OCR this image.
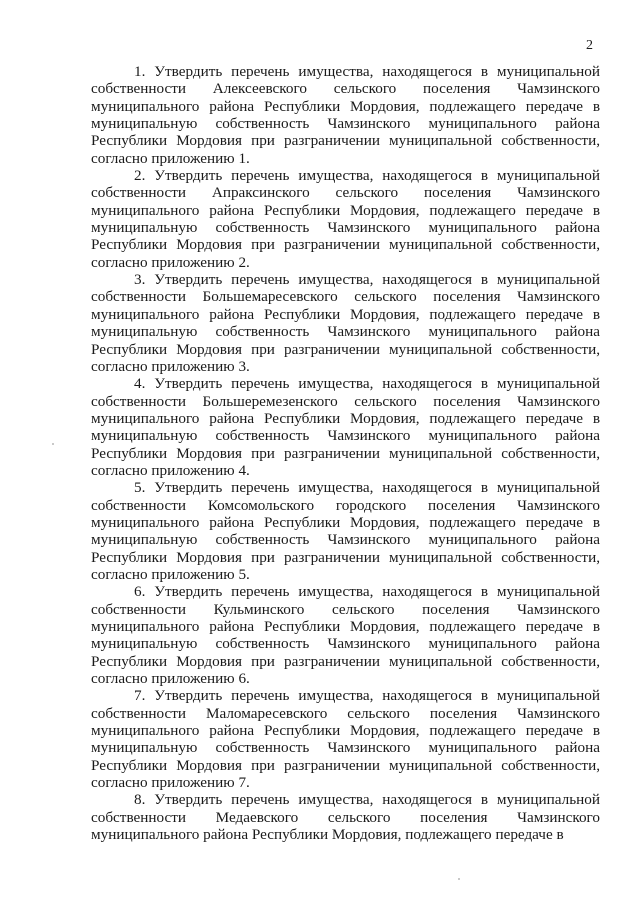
2

1. Утвердить перечень имущества, находящегося в муниципальной собственности Алексеевского сельского поселения Чамзинского муниципального района Республики Мордовия, подлежащего передаче в муниципальную собственность Чамзинского муниципального района Республики Мордовия при разграничении муниципальной собственности, согласно приложению 1.

2. Утвердить перечень имущества, находящегося в муниципальной собственности Апраксинского сельского поселения Чамзинского муниципального района Республики Мордовия, подлежащего передаче в муниципальную собственность Чамзинского муниципального района Республики Мордовия при разграничении муниципальной собственности, согласно приложению 2.

3. Утвердить перечень имущества, находящегося в муниципальной собственности Большемаресевского сельского поселения Чамзинского муниципального района Республики Мордовия, подлежащего передаче в муниципальную собственность Чамзинского муниципального района Республики Мордовия при разграничении муниципальной собственности, согласно приложению 3.

4. Утвердить перечень имущества, находящегося в муниципальной собственности Большеремезенского сельского поселения Чамзинского муниципального района Республики Мордовия, подлежащего передаче в муниципальную собственность Чамзинского муниципального района Республики Мордовия при разграничении муниципальной собственности, согласно приложению 4.

5. Утвердить перечень имущества, находящегося в муниципальной собственности Комсомольского городского поселения Чамзинского муниципального района Республики Мордовия, подлежащего передаче в муниципальную собственность Чамзинского муниципального района Республики Мордовия при разграничении муниципальной собственности, согласно приложению 5.

6. Утвердить перечень имущества, находящегося в муниципальной собственности Кульминского сельского поселения Чамзинского муниципального района Республики Мордовия, подлежащего передаче в муниципальную собственность Чамзинского муниципального района Республики Мордовия при разграничении муниципальной собственности, согласно приложению 6.

7. Утвердить перечень имущества, находящегося в муниципальной собственности Маломаресевского сельского поселения Чамзинского муниципального района Республики Мордовия, подлежащего передаче в муниципальную собственность Чамзинского муниципального района Республики Мордовия при разграничении муниципальной собственности, согласно приложению 7.

8. Утвердить перечень имущества, находящегося в муниципальной собственности Медаевского сельского поселения Чамзинского муниципального района Республики Мордовия, подлежащего передаче в
